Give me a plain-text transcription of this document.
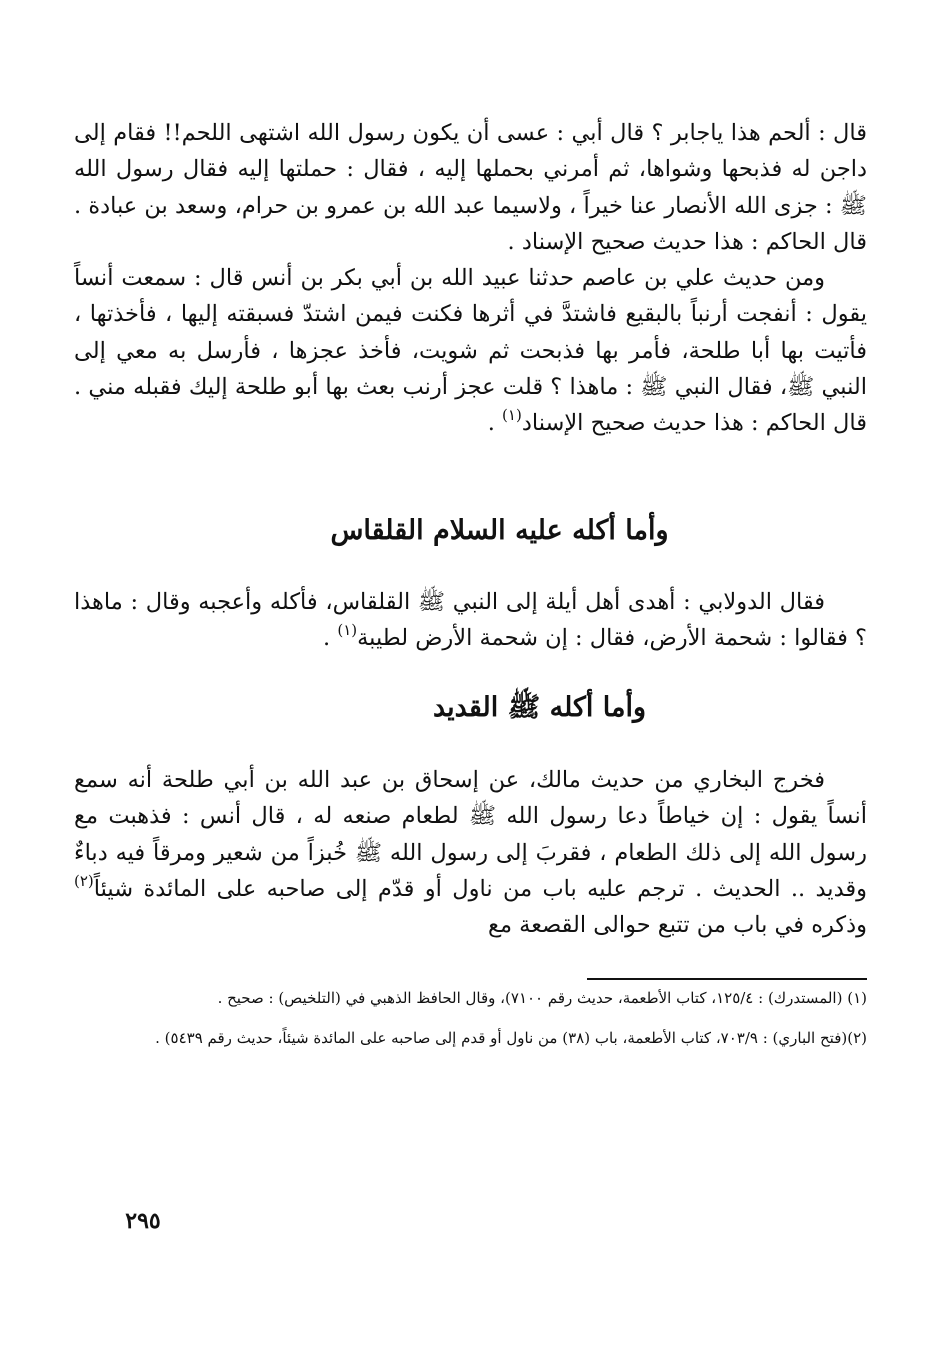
قال : ألحم هذا ياجابر ؟ قال أبي : عسى أن يكون رسول الله اشتهى اللحم!! فقام إلى داجن له فذبحها وشواها، ثم أمرني بحملها إليه ، فقال : حملتها إليه فقال رسول الله ﷺ : جزى الله الأنصار عنا خيراً ، ولاسيما عبد الله بن عمرو بن حرام، وسعد بن عبادة . قال الحاكم : هذا حديث صحيح الإسناد .
ومن حديث علي بن عاصم حدثنا عبيد الله بن أبي بكر بن أنس قال : سمعت أنساً يقول : أنفجت أرنباً بالبقيع فاشتدَّ في أثرها فكنت فيمن اشتدّ فسبقته إليها ، فأخذتها ، فأتيت بها أبا طلحة، فأمر بها فذبحت ثم شويت، فأخذ عجزها ، فأرسل به معي إلى النبي ﷺ، فقال النبي ﷺ : ماهذا ؟ قلت عجز أرنب بعث بها أبو طلحة إليك فقبله مني . قال الحاكم : هذا حديث صحيح الإسناد$^{(١)}$ .
وأما أكله عليه السلام القلقاس
فقال الدولابي : أهدى أهل أيلة إلى النبي ﷺ القلقاس، فأكله وأعجبه وقال : ماهذا ؟ فقالوا : شحمة الأرض، فقال : إن شحمة الأرض لطيبة$^{(١)}$ .
وأما أكله ﷺ القديد
فخرج البخاري من حديث مالك، عن إسحاق بن عبد الله بن أبي طلحة أنه سمع أنساً يقول : إن خياطاً دعا رسول الله ﷺ لطعام صنعه له ، قال أنس : فذهبت مع رسول الله إلى ذلك الطعام ، فقربَ إلى رسول الله ﷺ خُبزاً من شعير ومرقاً فيه دباءٌ وقديد .. الحديث . ترجم عليه باب من ناول أو قدّم إلى صاحبه على المائدة شيئاً$^{(٢)}$ وذكره في باب من تتبع حوالى القصعة مع
(١) (المستدرك) : ١٢٥/٤، كتاب الأطعمة، حديث رقم ٧١٠٠)، وقال الحافظ الذهبي في (التلخيص) : صحيح .
(٢)(فتح الباري) : ٧٠٣/٩، كتاب الأطعمة، باب (٣٨) من ناول أو قدم إلى صاحبه على المائدة شيئاً، حديث رقم ٥٤٣٩) .
٢٩٥
